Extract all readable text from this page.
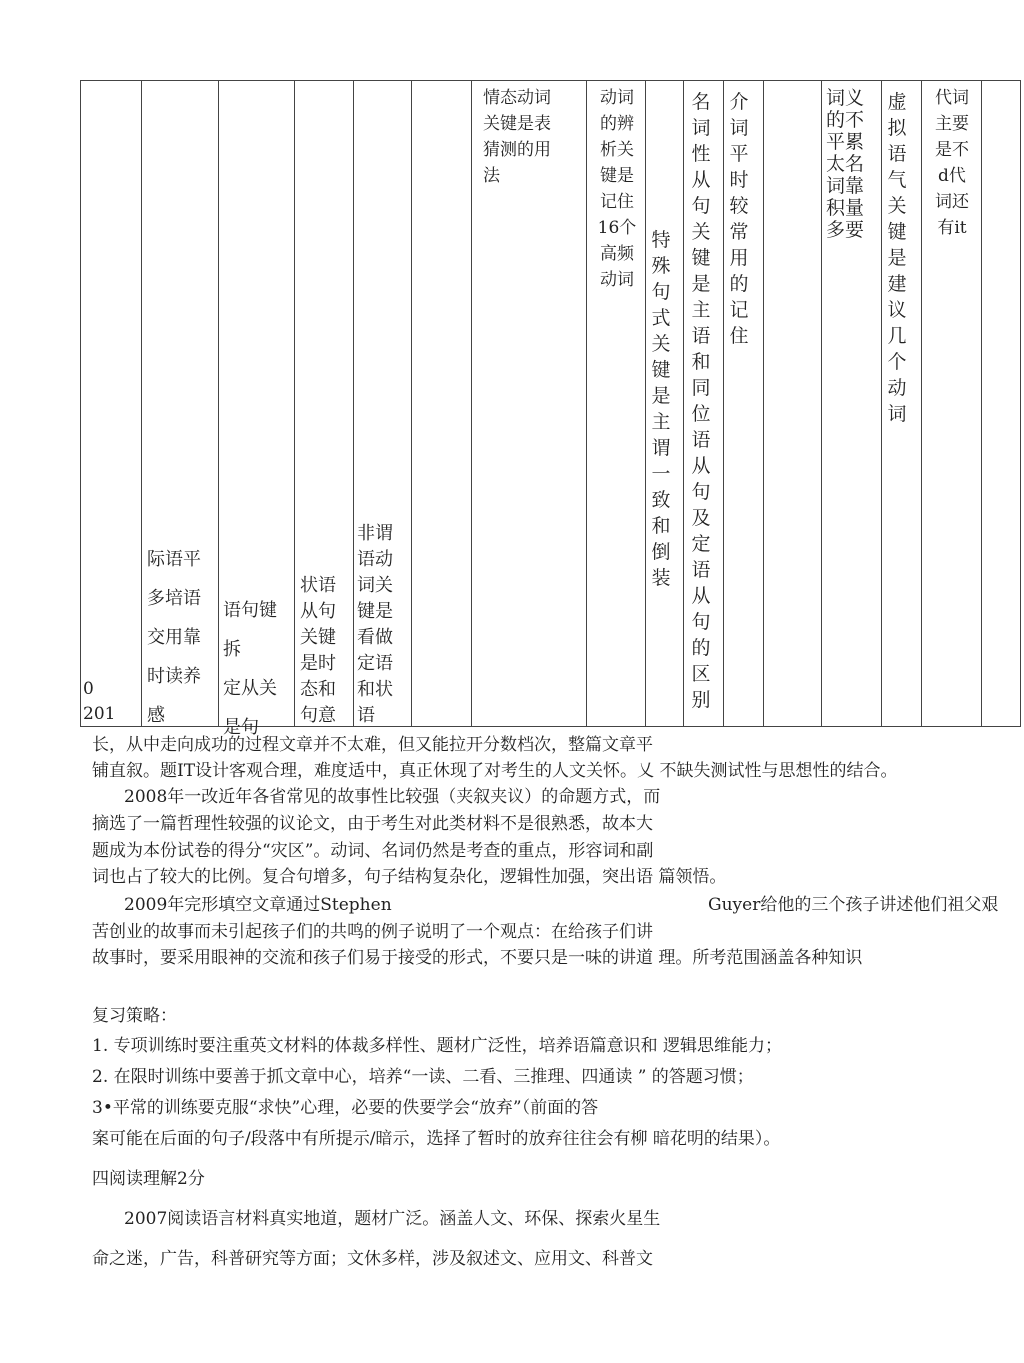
0
201
际语平
多培语
交用靠
时读养
感
语句键
拆
定从关
是句
状语
从句
关键
是时
态和
句意
非谓
语动
词关
键是
看做
定语
和状
语
情态动词关键是表猜测的用法
动词的辨析关键是记住16个高频动词
特殊句式关键是主谓一致和倒装
名词性从句关键是主语和同位语从句及定语从句的区别
介词平时较常用的记住
词义的不平累太名词靠积量多要
虚拟语气关键是建议几个动词
代词主要是不d代词还有it
长，从中走向成功的过程文章并不太难，但又能拉开分数档次，整篇文章平
铺直叙。题IT设计客观合理，难度适中，真正休现了对考生的人文关怀。乂 不缺失测试性与思想性的结合。
2008年一改近年各省常见的故事性比较强（夹叙夹议）的命题方式，而
摘选了一篇哲理性较强的议论文，由于考生对此类材料不是很熟悉，故本大
题成为本份试卷的得分“灾区”。动词、名词仍然是考查的重点，形容词和副
词也占了较大的比例。复合句增多，句子结构复杂化，逻辑性加强，突出语 篇领悟。
2009年完形填空文章通过Stephen	Guyer给他的三个孩子讲述他们祖父艰
苦创业的故事而未引起孩子们的共鸣的例子说明了一个观点：在给孩子们讲
故事时，要采用眼神的交流和孩子们易于接受的形式，不要只是一味的讲道 理。所考范围涵盖各种知识
复习策略：
1. 专项训练时要注重英文材料的体裁多样性、题材广泛性，培养语篇意识和 逻辑思维能力；
2. 在限时训练中要善于抓文章中心，培养“一读、二看、三推理、四通读 ” 的答题习惯；
3•平常的训练要克服“求快”心理，必要的佚要学会“放弃”（前面的答
案可能在后面的句子/段落中有所提示/暗示，选择了暂时的放弃往往会有柳 暗花明的结果）。
四阅读理解2分
2007阅读语言材料真实地道，题材广泛。涵盖人文、环保、探索火星生
命之迷，广告，科普研究等方面；文休多样，涉及叙述文、应用文、科普文
